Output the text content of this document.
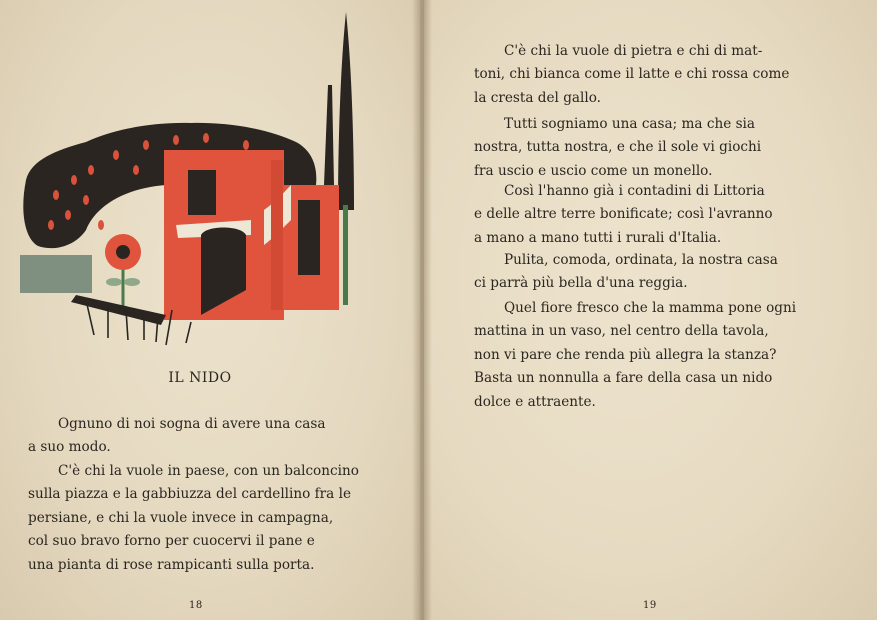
IL NIDO
Ognuno di noi sogna di avere una casa
a suo modo.
C'è chi la vuole in paese, con un balconcino
sulla piazza e la gabbiuzza del cardellino fra le
persiane, e chi la vuole invece in campagna,
col suo bravo forno per cuocervi il pane e
una pianta di rose rampicanti sulla porta.
18
C'è chi la vuole di pietra e chi di mat-
toni, chi bianca come il latte e chi rossa come
la cresta del gallo.
Tutti sogniamo una casa; ma che sia
nostra, tutta nostra, e che il sole vi giochi
fra uscio e uscio come un monello.
Così l'hanno già i contadini di Littoria
e delle altre terre bonificate; così l'avranno
a mano a mano tutti i rurali d'Italia.
Pulita, comoda, ordinata, la nostra casa
ci parrà più bella d'una reggia.
Quel fiore fresco che la mamma pone ogni
mattina in un vaso, nel centro della tavola,
non vi pare che renda più allegra la stanza?
Basta un nonnulla a fare della casa un nido
dolce e attraente.
19
